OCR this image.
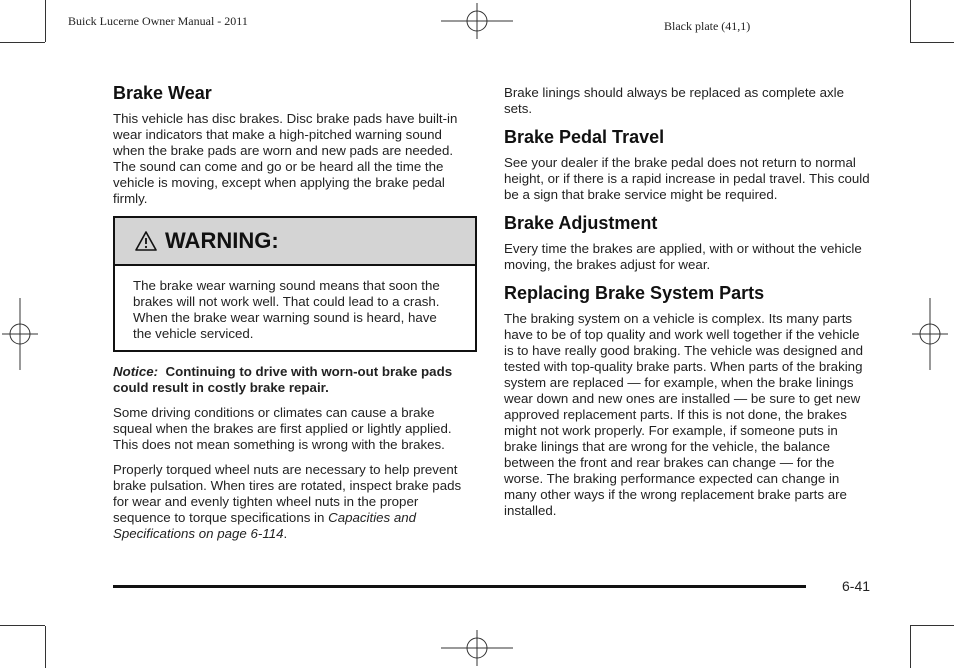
Buick Lucerne Owner Manual - 2011	Black plate (41,1)
Brake Wear

This vehicle has disc brakes. Disc brake pads have built-in wear indicators that make a high-pitched warning sound when the brake pads are worn and new pads are needed. The sound can come and go or be heard all the time the vehicle is moving, except when applying the brake pedal firmly.

WARNING:

The brake wear warning sound means that soon the brakes will not work well. That could lead to a crash. When the brake wear warning sound is heard, have the vehicle serviced.

Notice: Continuing to drive with worn-out brake pads could result in costly brake repair.

Some driving conditions or climates can cause a brake squeal when the brakes are first applied or lightly applied. This does not mean something is wrong with the brakes.

Properly torqued wheel nuts are necessary to help prevent brake pulsation. When tires are rotated, inspect brake pads for wear and evenly tighten wheel nuts in the proper sequence to torque specifications in Capacities and Specifications on page 6-114.

Brake linings should always be replaced as complete axle sets.

Brake Pedal Travel

See your dealer if the brake pedal does not return to normal height, or if there is a rapid increase in pedal travel. This could be a sign that brake service might be required.

Brake Adjustment

Every time the brakes are applied, with or without the vehicle moving, the brakes adjust for wear.

Replacing Brake System Parts

The braking system on a vehicle is complex. Its many parts have to be of top quality and work well together if the vehicle is to have really good braking. The vehicle was designed and tested with top-quality brake parts. When parts of the braking system are replaced — for example, when the brake linings wear down and new ones are installed — be sure to get new approved replacement parts. If this is not done, the brakes might not work properly. For example, if someone puts in brake linings that are wrong for the vehicle, the balance between the front and rear brakes can change — for the worse. The braking performance expected can change in many other ways if the wrong replacement brake parts are installed.

6-41
